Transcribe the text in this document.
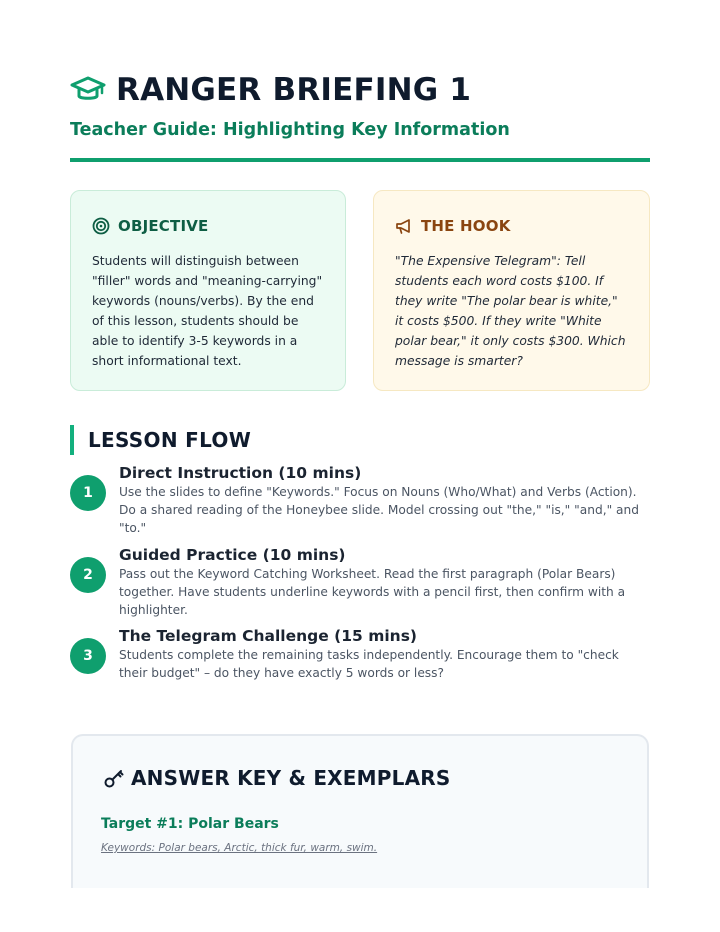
RANGER BRIEFING 1
Teacher Guide: Highlighting Key Information
OBJECTIVE

Students will distinguish between "filler" words and "meaning-carrying" keywords (nouns/verbs). By the end of this lesson, students should be able to identify 3-5 keywords in a short informational text.

THE HOOK

"The Expensive Telegram": Tell students each word costs $100. If they write "The polar bear is white," it costs $500. If they write "White polar bear," it only costs $300. Which message is smarter?

LESSON FLOW
1
Direct Instruction (10 mins)
Use the slides to define "Keywords." Focus on Nouns (Who/What) and Verbs (Action). Do a shared reading of the Honeybee slide. Model crossing out "the," "is," "and," and "to."
2
Guided Practice (10 mins)
Pass out the Keyword Catching Worksheet. Read the first paragraph (Polar Bears) together. Have students underline keywords with a pencil first, then confirm with a highlighter.
3
The Telegram Challenge (15 mins)
Students complete the remaining tasks independently. Encourage them to "check their budget" – do they have exactly 5 words or less?
ANSWER KEY & EXEMPLARS
Target #1: Polar Bears
Keywords: Polar bears, Arctic, thick fur, warm, swim.
